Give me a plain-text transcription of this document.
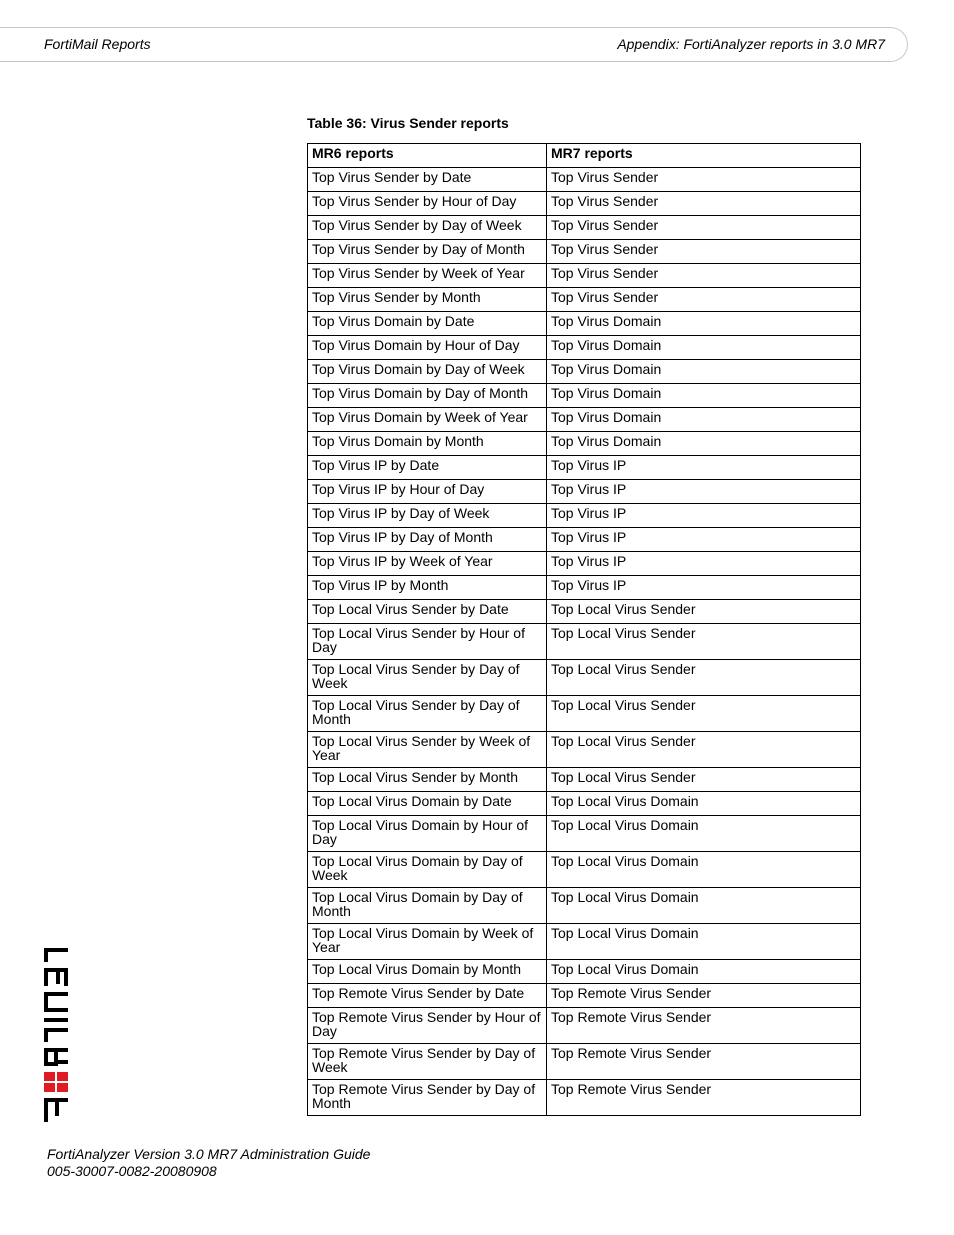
FortiMail Reports	Appendix: FortiAnalyzer reports in 3.0 MR7
Table 36: Virus Sender reports
MR6 reports	MR7 reports
Top Virus Sender by Date	Top Virus Sender
Top Virus Sender by Hour of Day	Top Virus Sender
Top Virus Sender by Day of Week	Top Virus Sender
Top Virus Sender by Day of Month	Top Virus Sender
Top Virus Sender by Week of Year	Top Virus Sender
Top Virus Sender by Month	Top Virus Sender
Top Virus Domain by Date	Top Virus Domain
Top Virus Domain by Hour of Day	Top Virus Domain
Top Virus Domain by Day of Week	Top Virus Domain
Top Virus Domain by Day of Month	Top Virus Domain
Top Virus Domain by Week of Year	Top Virus Domain
Top Virus Domain by Month	Top Virus Domain
Top Virus IP by Date	Top Virus IP
Top Virus IP by Hour of Day	Top Virus IP
Top Virus IP by Day of Week	Top Virus IP
Top Virus IP by Day of Month	Top Virus IP
Top Virus IP by Week of Year	Top Virus IP
Top Virus IP by Month	Top Virus IP
Top Local Virus Sender by Date	Top Local Virus Sender
Top Local Virus Sender by Hour of Day	Top Local Virus Sender
Top Local Virus Sender by Day of Week	Top Local Virus Sender
Top Local Virus Sender by Day of Month	Top Local Virus Sender
Top Local Virus Sender by Week of Year	Top Local Virus Sender
Top Local Virus Sender by Month	Top Local Virus Sender
Top Local Virus Domain by Date	Top Local Virus Domain
Top Local Virus Domain by Hour of Day	Top Local Virus Domain
Top Local Virus Domain by Day of Week	Top Local Virus Domain
Top Local Virus Domain by Day of Month	Top Local Virus Domain
Top Local Virus Domain by Week of Year	Top Local Virus Domain
Top Local Virus Domain by Month	Top Local Virus Domain
Top Remote Virus Sender by Date	Top Remote Virus Sender
Top Remote Virus Sender by Hour of Day	Top Remote Virus Sender
Top Remote Virus Sender by Day of Week	Top Remote Virus Sender
Top Remote Virus Sender by Day of Month	Top Remote Virus Sender
FortiAnalyzer Version 3.0 MR7 Administration Guide
005-30007-0082-20080908
